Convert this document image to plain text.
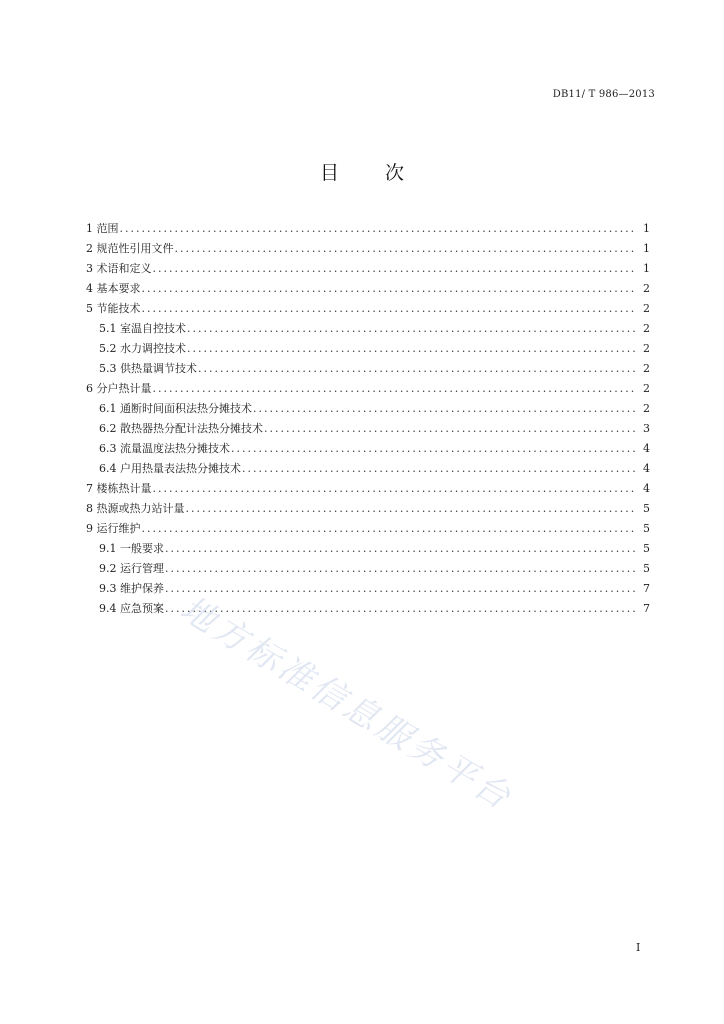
DB11/ T 986—2013
目 次
1 范围 .....	1
2 规范性引用文件 .....	1
3 术语和定义 .....	1
4 基本要求 .....	2
5 节能技术 .....	2
5.1 室温自控技术 .....	2
5.2 水力调控技术 .....	2
5.3 供热量调节技术 .....	2
6 分户热计量 .....	2
6.1 通断时间面积法热分摊技术 .....	2
6.2 散热器热分配计法热分摊技术 .....	3
6.3 流量温度法热分摊技术 .....	4
6.4 户用热量表法热分摊技术 .....	4
7 楼栋热计量 .....	4
8 热源或热力站计量 .....	5
9 运行维护 .....	5
9.1 一般要求 .....	5
9.2 运行管理 .....	5
9.3 维护保养 .....	7
9.4 应急预案 .....	7
地方标准信息服务平台
I
